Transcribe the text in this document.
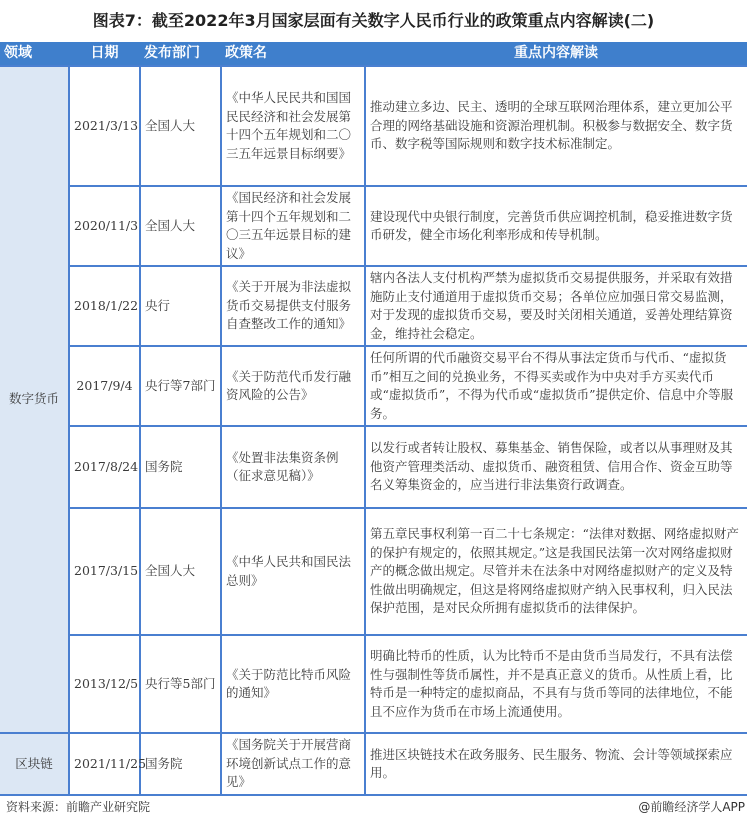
图表7：截至2022年3月国家层面有关数字人民币行业的政策重点内容解读(二)
领域	日期	发布部门	政策名	重点内容解读
数字货币	2021/3/13	全国人大	《中华人民民共和国国民民经济和社会发展第十四个五年规划和二〇三五年远景目标纲要》	推动建立多边、民主、透明的全球互联网治理体系，建立更加公平合理的网络基础设施和资源治理机制。积极参与数据安全、数字货币、数字税等国际规则和数字技术标准制定。
	2020/11/3	全国人大	《国民经济和社会发展第十四个五年规划和二〇三五年远景目标的建议》	建设现代中央银行制度，完善货币供应调控机制，稳妥推进数字货币研发，健全市场化利率形成和传导机制。
	2018/1/22	央行	《关于开展为非法虚拟货币交易提供支付服务自查整改工作的通知》	辖内各法人支付机构严禁为虚拟货币交易提供服务，并采取有效措施防止支付通道用于虚拟货币交易；各单位应加强日常交易监测，对于发现的虚拟货币交易，要及时关闭相关通道，妥善处理结算资金，维持社会稳定。
	2017/9/4	央行等7部门	《关于防范代币发行融资风险的公告》	任何所谓的代币融资交易平台不得从事法定货币与代币、“虚拟货币”相互之间的兑换业务，不得买卖或作为中央对手方买卖代币或“虚拟货币”，不得为代币或“虚拟货币”提供定价、信息中介等服务。
	2017/8/24	国务院	《处置非法集资条例（征求意见稿）》	以发行或者转让股权、募集基金、销售保险，或者以从事理财及其他资产管理类活动、虚拟货币、融资租赁、信用合作、资金互助等名义筹集资金的，应当进行非法集资行政调查。
	2017/3/15	全国人大	《中华人民共和国民法总则》	第五章民事权利第一百二十七条规定：“法律对数据、网络虚拟财产的保护有规定的，依照其规定。”这是我国民法第一次对网络虚拟财产的概念做出规定。尽管并未在法条中对网络虚拟财产的定义及特性做出明确规定，但这是将网络虚拟财产纳入民事权利，归入民法保护范围，是对民众所拥有虚拟货币的法律保护。
	2013/12/5	央行等5部门	《关于防范比特币风险的通知》	明确比特币的性质，认为比特币不是由货币当局发行，不具有法偿性与强制性等货币属性，并不是真正意义的货币。从性质上看，比特币是一种特定的虚拟商品，不具有与货币等同的法律地位，不能且不应作为货币在市场上流通使用。
区块链	2021/11/25	国务院	《国务院关于开展营商环境创新试点工作的意见》	推进区块链技术在政务服务、民生服务、物流、会计等领域探索应用。
资料来源：前瞻产业研究院	@前瞻经济学人APP
